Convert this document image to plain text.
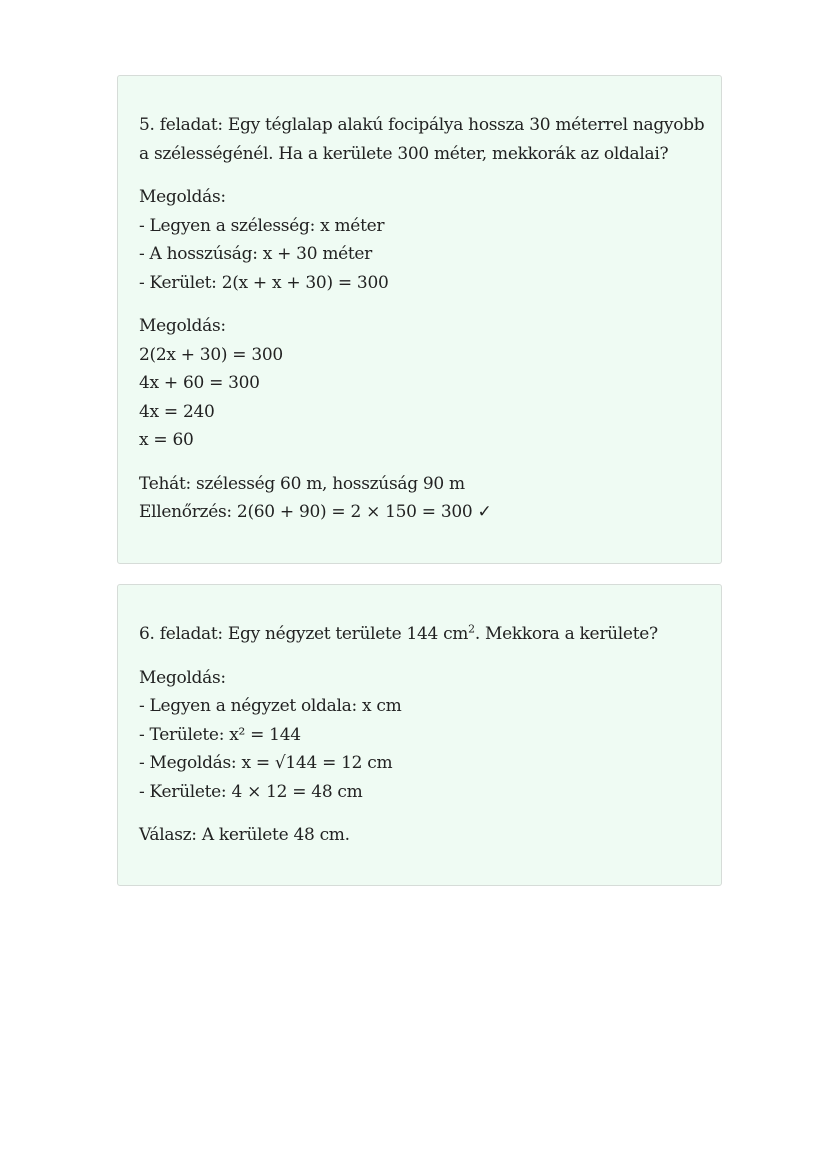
5. feladat: Egy téglalap alakú focipálya hossza 30 méterrel nagyobb a szélességénél. Ha a kerülete 300 méter, mekkorák az oldalai?

Megoldás:
- Legyen a szélesség: x méter
- A hosszúság: x + 30 méter
- Kerület: 2(x + x + 30) = 300

Megoldás:
2(2x + 30) = 300
4x + 60 = 300
4x = 240
x = 60

Tehát: szélesség 60 m, hosszúság 90 m
Ellenőrzés: 2(60 + 90) = 2 × 150 = 300 ✓

6. feladat: Egy négyzet területe 144 $cm^2$. Mekkora a kerülete?

Megoldás:
- Legyen a négyzet oldala: x cm
- Területe: x² = 144
- Megoldás: x = √144 = 12 cm
- Kerülete: 4 × 12 = 48 cm

Válasz: A kerülete 48 cm.
